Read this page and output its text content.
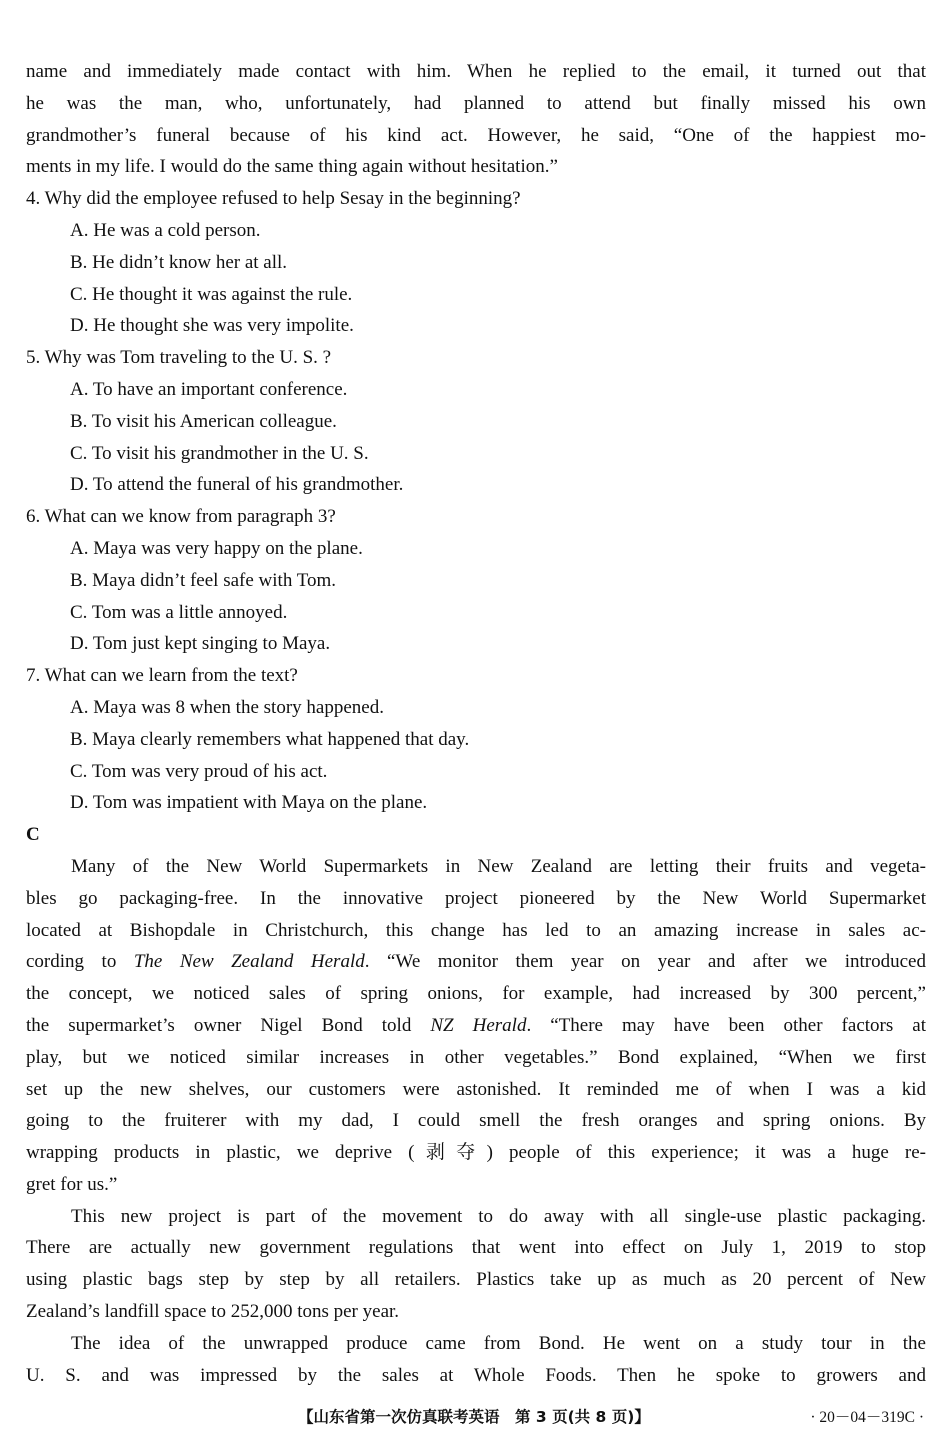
name and immediately made contact with him. When he replied to the email, it turned out that
he was the man, who, unfortunately, had planned to attend but finally missed his own
grandmother’s funeral because of his kind act. However, he said, “One of the happiest mo-
ments in my life. I would do the same thing again without hesitation.”

4. Why did the employee refused to help Sesay in the beginning?

A. He was a cold person.

B. He didn’t know her at all.

C. He thought it was against the rule.

D. He thought she was very impolite.

5. Why was Tom traveling to the U. S. ?

A. To have an important conference.

B. To visit his American colleague.

C. To visit his grandmother in the U. S.

D. To attend the funeral of his grandmother.

6. What can we know from paragraph 3?

A. Maya was very happy on the plane.

B. Maya didn’t feel safe with Tom.

C. Tom was a little annoyed.

D. Tom just kept singing to Maya.

7. What can we learn from the text?

A. Maya was 8 when the story happened.

B. Maya clearly remembers what happened that day.

C. Tom was very proud of his act.

D. Tom was impatient with Maya on the plane.

C

Many of the New World Supermarkets in New Zealand are letting their fruits and vegeta-
bles go packaging-free. In the innovative project pioneered by the New World Supermarket
located at Bishopdale in Christchurch, this change has led to an amazing increase in sales ac-
cording to The New Zealand Herald. “We monitor them year on year and after we introduced
the concept, we noticed sales of spring onions, for example, had increased by 300 percent,”
the supermarket’s owner Nigel Bond told NZ Herald. “There may have been other factors at
play, but we noticed similar increases in other vegetables.” Bond explained, “When we first
set up the new shelves, our customers were astonished. It reminded me of when I was a kid
going to the fruiterer with my dad, I could smell the fresh oranges and spring onions. By
wrapping products in plastic, we deprive (剥夺) people of this experience; it was a huge re-
gret for us.”
This new project is part of the movement to do away with all single-use plastic packaging.
There are actually new government regulations that went into effect on July 1, 2019 to stop
using plastic bags step by step by all retailers. Plastics take up as much as 20 percent of New
Zealand’s landfill space to 252,000 tons per year.
The idea of the unwrapped produce came from Bond. He went on a study tour in the
U. S. and was impressed by the sales at Whole Foods. Then he spoke to growers and
【山东省第一次仿真联考英语　第 3 页(共 8 页)】	· 20－04－319C ·
